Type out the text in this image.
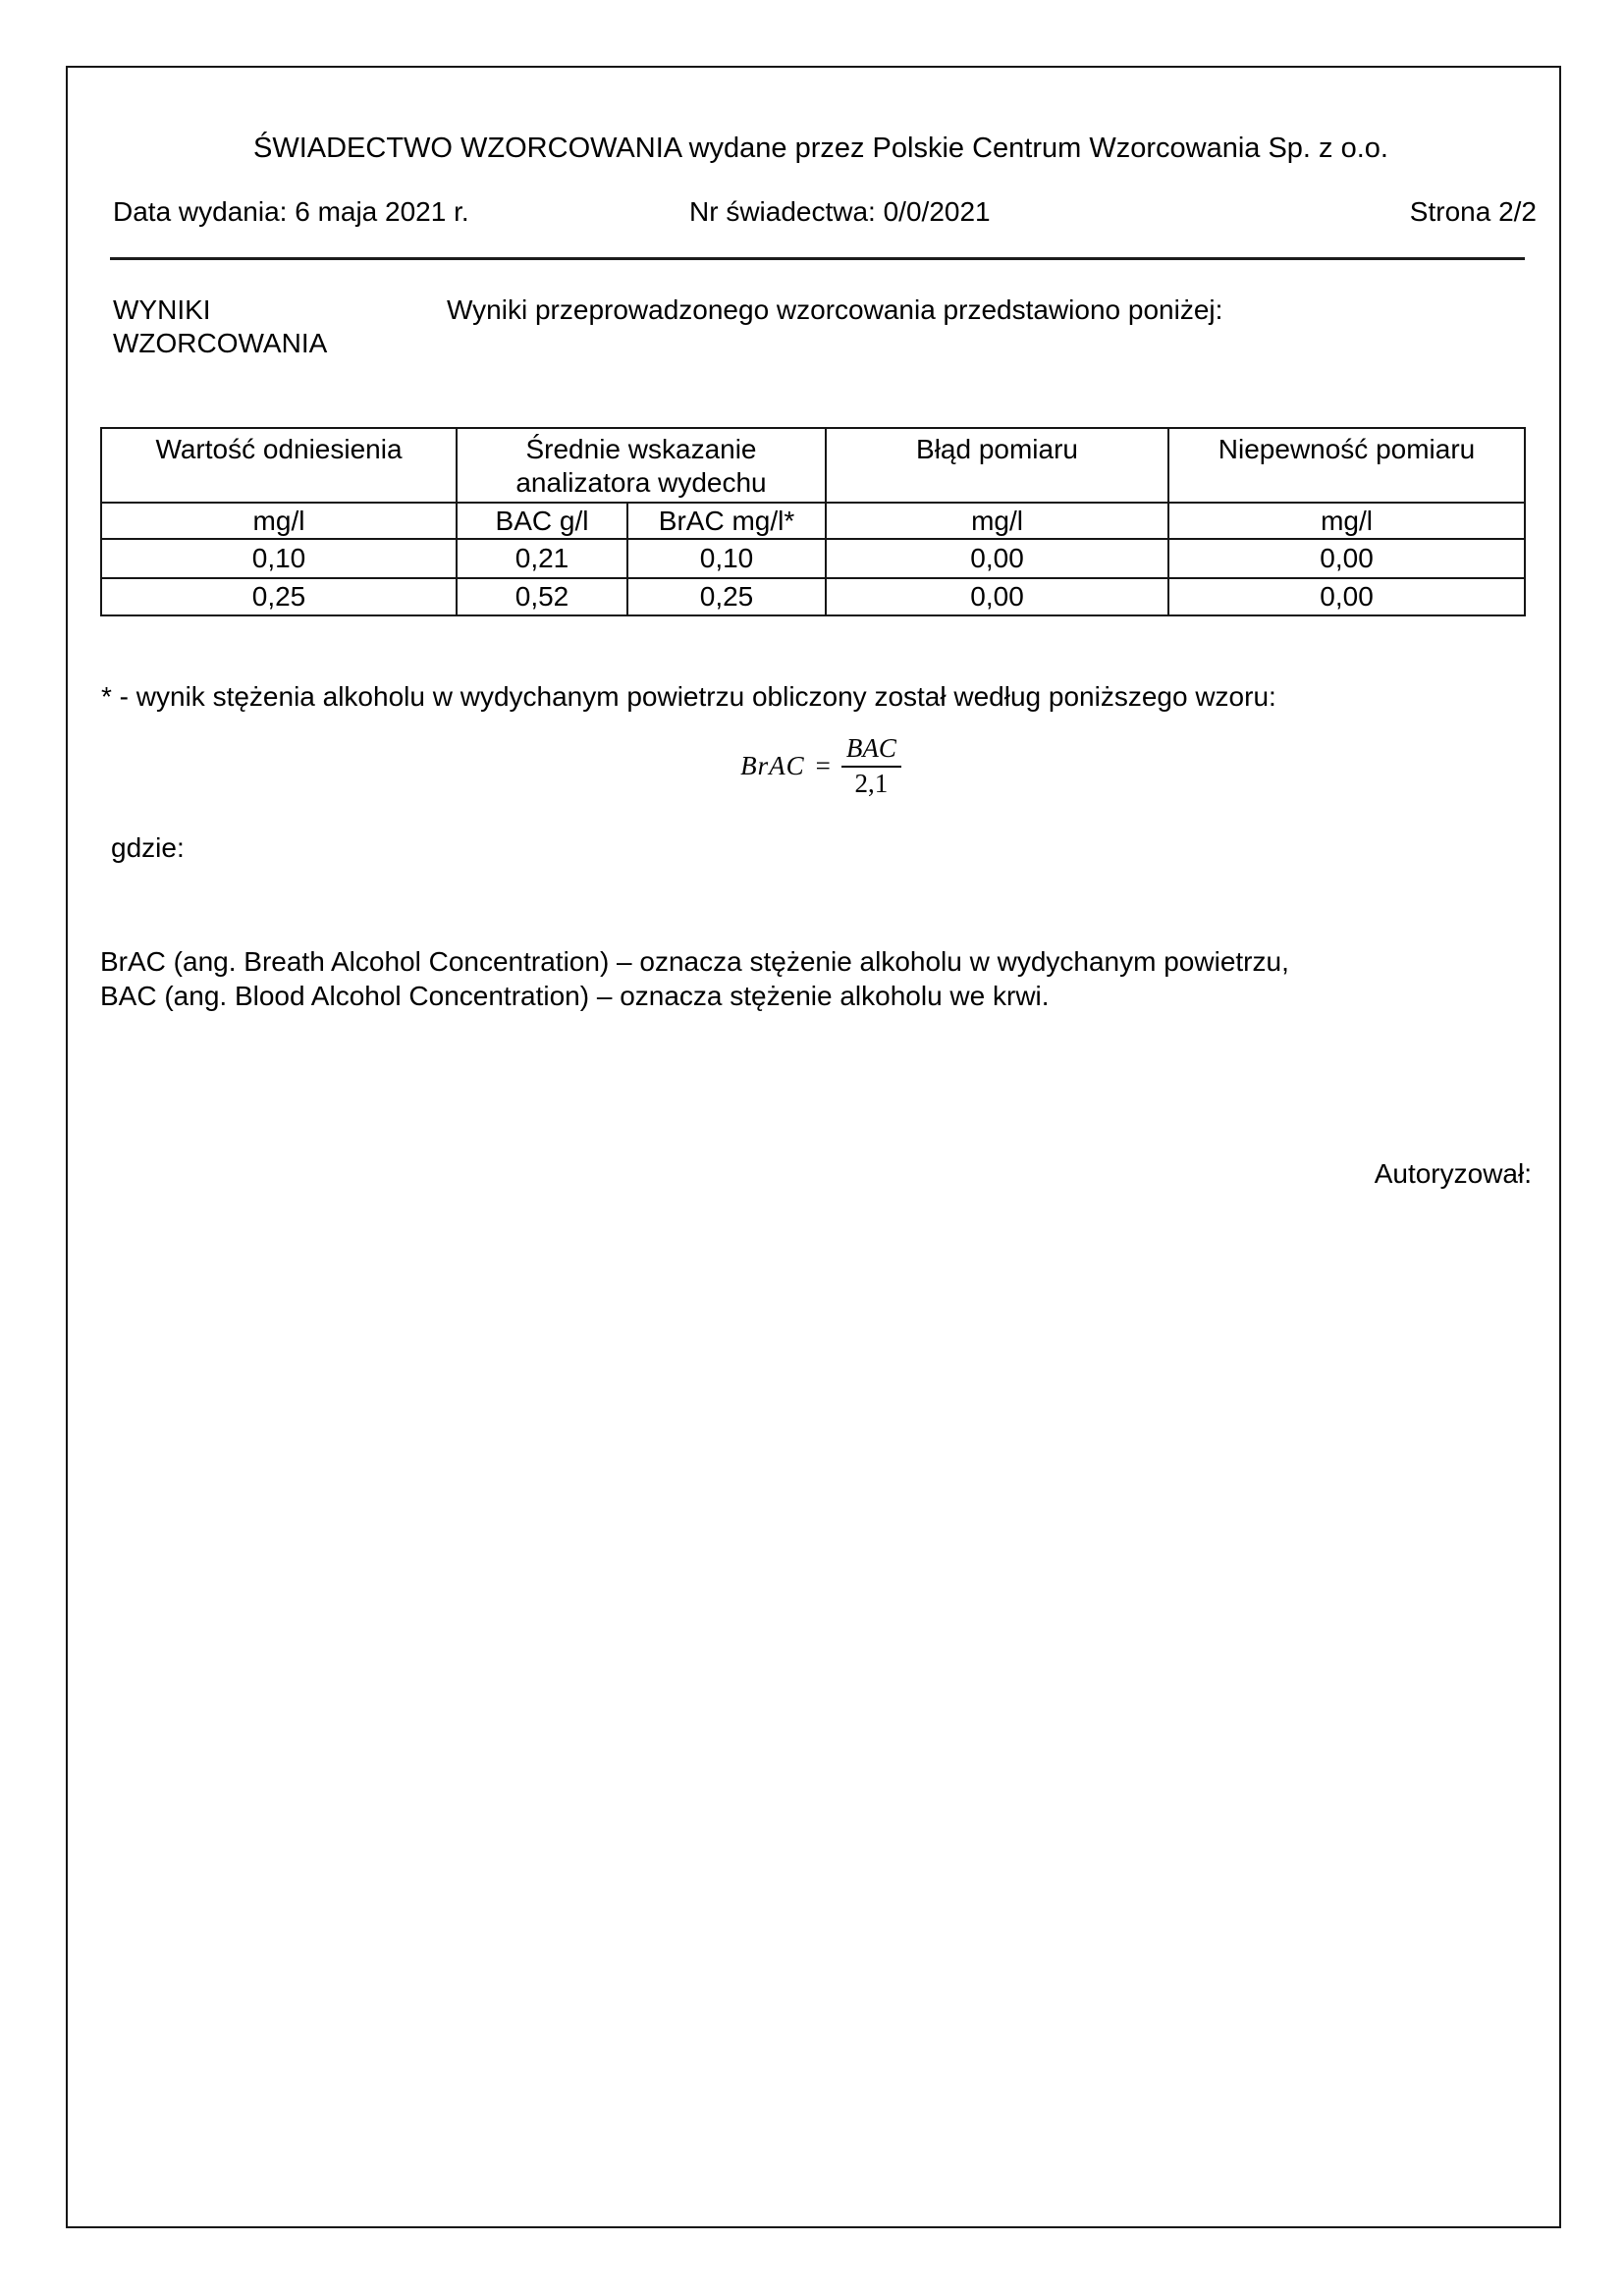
ŚWIADECTWO WZORCOWANIA wydane przez Polskie Centrum Wzorcowania Sp. z o.o.
Data wydania: 6 maja 2021 r.	Nr świadectwa: 0/0/2021	Strona 2/2
WYNIKI
WZORCOWANIA
Wyniki przeprowadzonego wzorcowania przedstawiono poniżej:
Wartość odniesienia	Średnie wskazanie analizatora wydechu		Błąd pomiaru	Niepewność pomiaru
mg/l	BAC g/l	BrAC mg/l*	mg/l	mg/l
0,10	0,21	0,10	0,00	0,00
0,25	0,52	0,25	0,00	0,00
* - wynik stężenia alkoholu w wydychanym powietrzu obliczony został według poniższego wzoru:
BrAC = $\frac{\text{BAC}}{2,1}$
gdzie:
BrAC (ang. Breath Alcohol Concentration) – oznacza stężenie alkoholu w wydychanym powietrzu,
BAC (ang. Blood Alcohol Concentration) – oznacza stężenie alkoholu we krwi.
Autoryzował:
